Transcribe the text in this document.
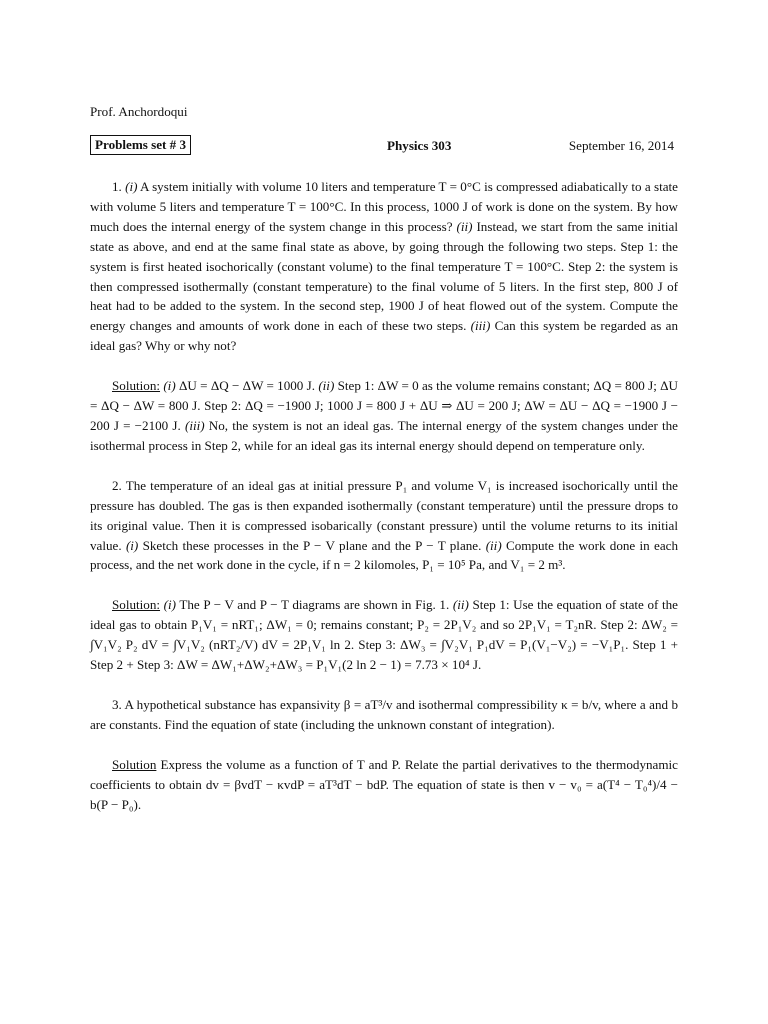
Prof. Anchordoqui
Problems set # 3	Physics 303	September 16, 2014

1. (i) A system initially with volume 10 liters and temperature T = 0°C is compressed adiabatically to a state with volume 5 liters and temperature T = 100°C. In this process, 1000 J of work is done on the system. By how much does the internal energy of the system change in this process? (ii) Instead, we start from the same initial state as above, and end at the same final state as above, by going through the following two steps. Step 1: the system is first heated isochorically (constant volume) to the final temperature T = 100°C. Step 2: the system is then compressed isothermally (constant temperature) to the final volume of 5 liters. In the first step, 800 J of heat had to be added to the system. In the second step, 1900 J of heat flowed out of the system. Compute the energy changes and amounts of work done in each of these two steps. (iii) Can this system be regarded as an ideal gas? Why or why not?

Solution: (i) ΔU = ΔQ − ΔW = 1000 J. (ii) Step 1: ΔW = 0 as the volume remains constant; ΔQ = 800 J; ΔU = ΔQ − ΔW = 800 J. Step 2: ΔQ = −1900 J; 1000 J = 800 J + ΔU ⇒ ΔU = 200 J; ΔW = ΔU − ΔQ = −1900 J − 200 J = −2100 J. (iii) No, the system is not an ideal gas. The internal energy of the system changes under the isothermal process in Step 2, while for an ideal gas its internal energy should depend on temperature only.

2. The temperature of an ideal gas at initial pressure P₁ and volume V₁ is increased isochorically until the pressure has doubled. The gas is then expanded isothermally (constant temperature) until the pressure drops to its original value. Then it is compressed isobarically (constant pressure) until the volume returns to its initial value. (i) Sketch these processes in the P − V plane and the P − T plane. (ii) Compute the work done in each process, and the net work done in the cycle, if n = 2 kilomoles, P₁ = 10⁵ Pa, and V₁ = 2 m³.

Solution: (i) The P − V and P − T diagrams are shown in Fig. 1. (ii) Step 1: Use the equation of state of the ideal gas to obtain P₁V₁ = nRT₁; ΔW₁ = 0; remains constant; P₂ = 2P₁V₂ and so 2P₁V₁ = T₂nR. Step 2: ΔW₂ = ∫V₁V₂ P₂ dV = ∫V₁V₂ (nRT₂/V) dV = 2P₁V₁ ln 2. Step 3: ΔW₃ = ∫V₂V₁ P₁dV = P₁(V₁−V₂) = −V₁P₁. Step 1 + Step 2 + Step 3: ΔW = ΔW₁+ΔW₂+ΔW₃ = P₁V₁(2 ln 2 − 1) = 7.73 × 10⁴ J.

3. A hypothetical substance has expansivity β = aT³/v and isothermal compressibility κ = b/v, where a and b are constants. Find the equation of state (including the unknown constant of integration).

Solution Express the volume as a function of T and P. Relate the partial derivatives to the thermodynamic coefficients to obtain dv = βvdT − κvdP = aT³dT − bdP. The equation of state is then v − v₀ = a(T⁴ − T₀⁴)/4 − b(P − P₀).
